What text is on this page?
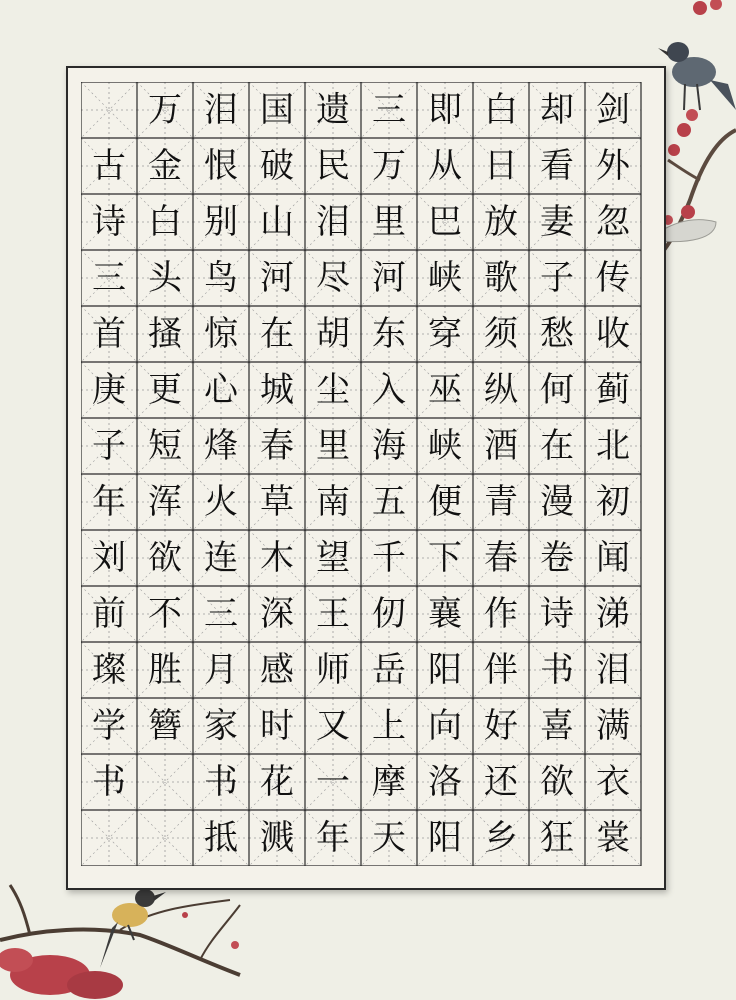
古
诗
三
首
庚
子
年
刘
前
璨
学
书
万
金
白
头
搔
更
短
浑
欲
不
胜
簪
泪
恨
别
鸟
惊
心
烽
火
连
三
月
家
书
抵
国
破
山
河
在
城
春
草
木
深
感
时
花
溅
遗
民
泪
尽
胡
尘
里
南
望
王
师
又
一
年
三
万
里
河
东
入
海
五
千
仞
岳
上
摩
天
即
从
巴
峡
穿
巫
峡
便
下
襄
阳
向
洛
阳
白
日
放
歌
须
纵
酒
青
春
作
伴
好
还
乡
却
看
妻
子
愁
何
在
漫
卷
诗
书
喜
欲
狂
剑
外
忽
传
收
蓟
北
初
闻
涕
泪
满
衣
裳
